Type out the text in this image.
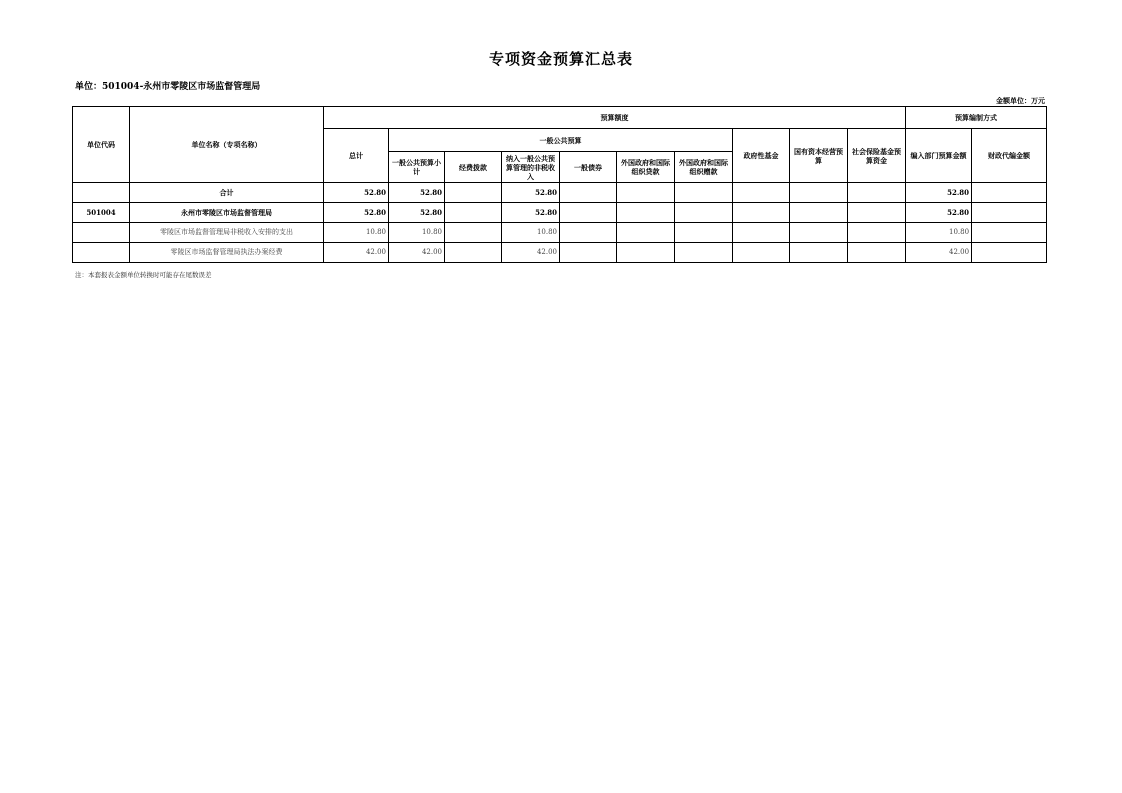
专项资金预算汇总表
单位：501004-永州市零陵区市场监督管理局
金额单位：万元
单位代码	单位名称（专项名称）	预算额度										预算编制方式	
		总计	一般公共预算						政府性基金	国有资本经营预算	社会保险基金预算资金	编入部门预算金额	财政代编金额
			一般公共预算小计	经费拨款	纳入一般公共预算管理的非税收入	一般债券	外国政府和国际组织贷款	外国政府和国际组织赠款					
	合计	52.80	52.80		52.80							52.80	
501004	永州市零陵区市场监督管理局	52.80	52.80		52.80							52.80	
	零陵区市场监督管理局非税收入安排的支出	10.80	10.80		10.80							10.80	
	零陵区市场监督管理局执法办案经费	42.00	42.00		42.00							42.00	
注：本套报表金额单位转换时可能存在尾数误差
